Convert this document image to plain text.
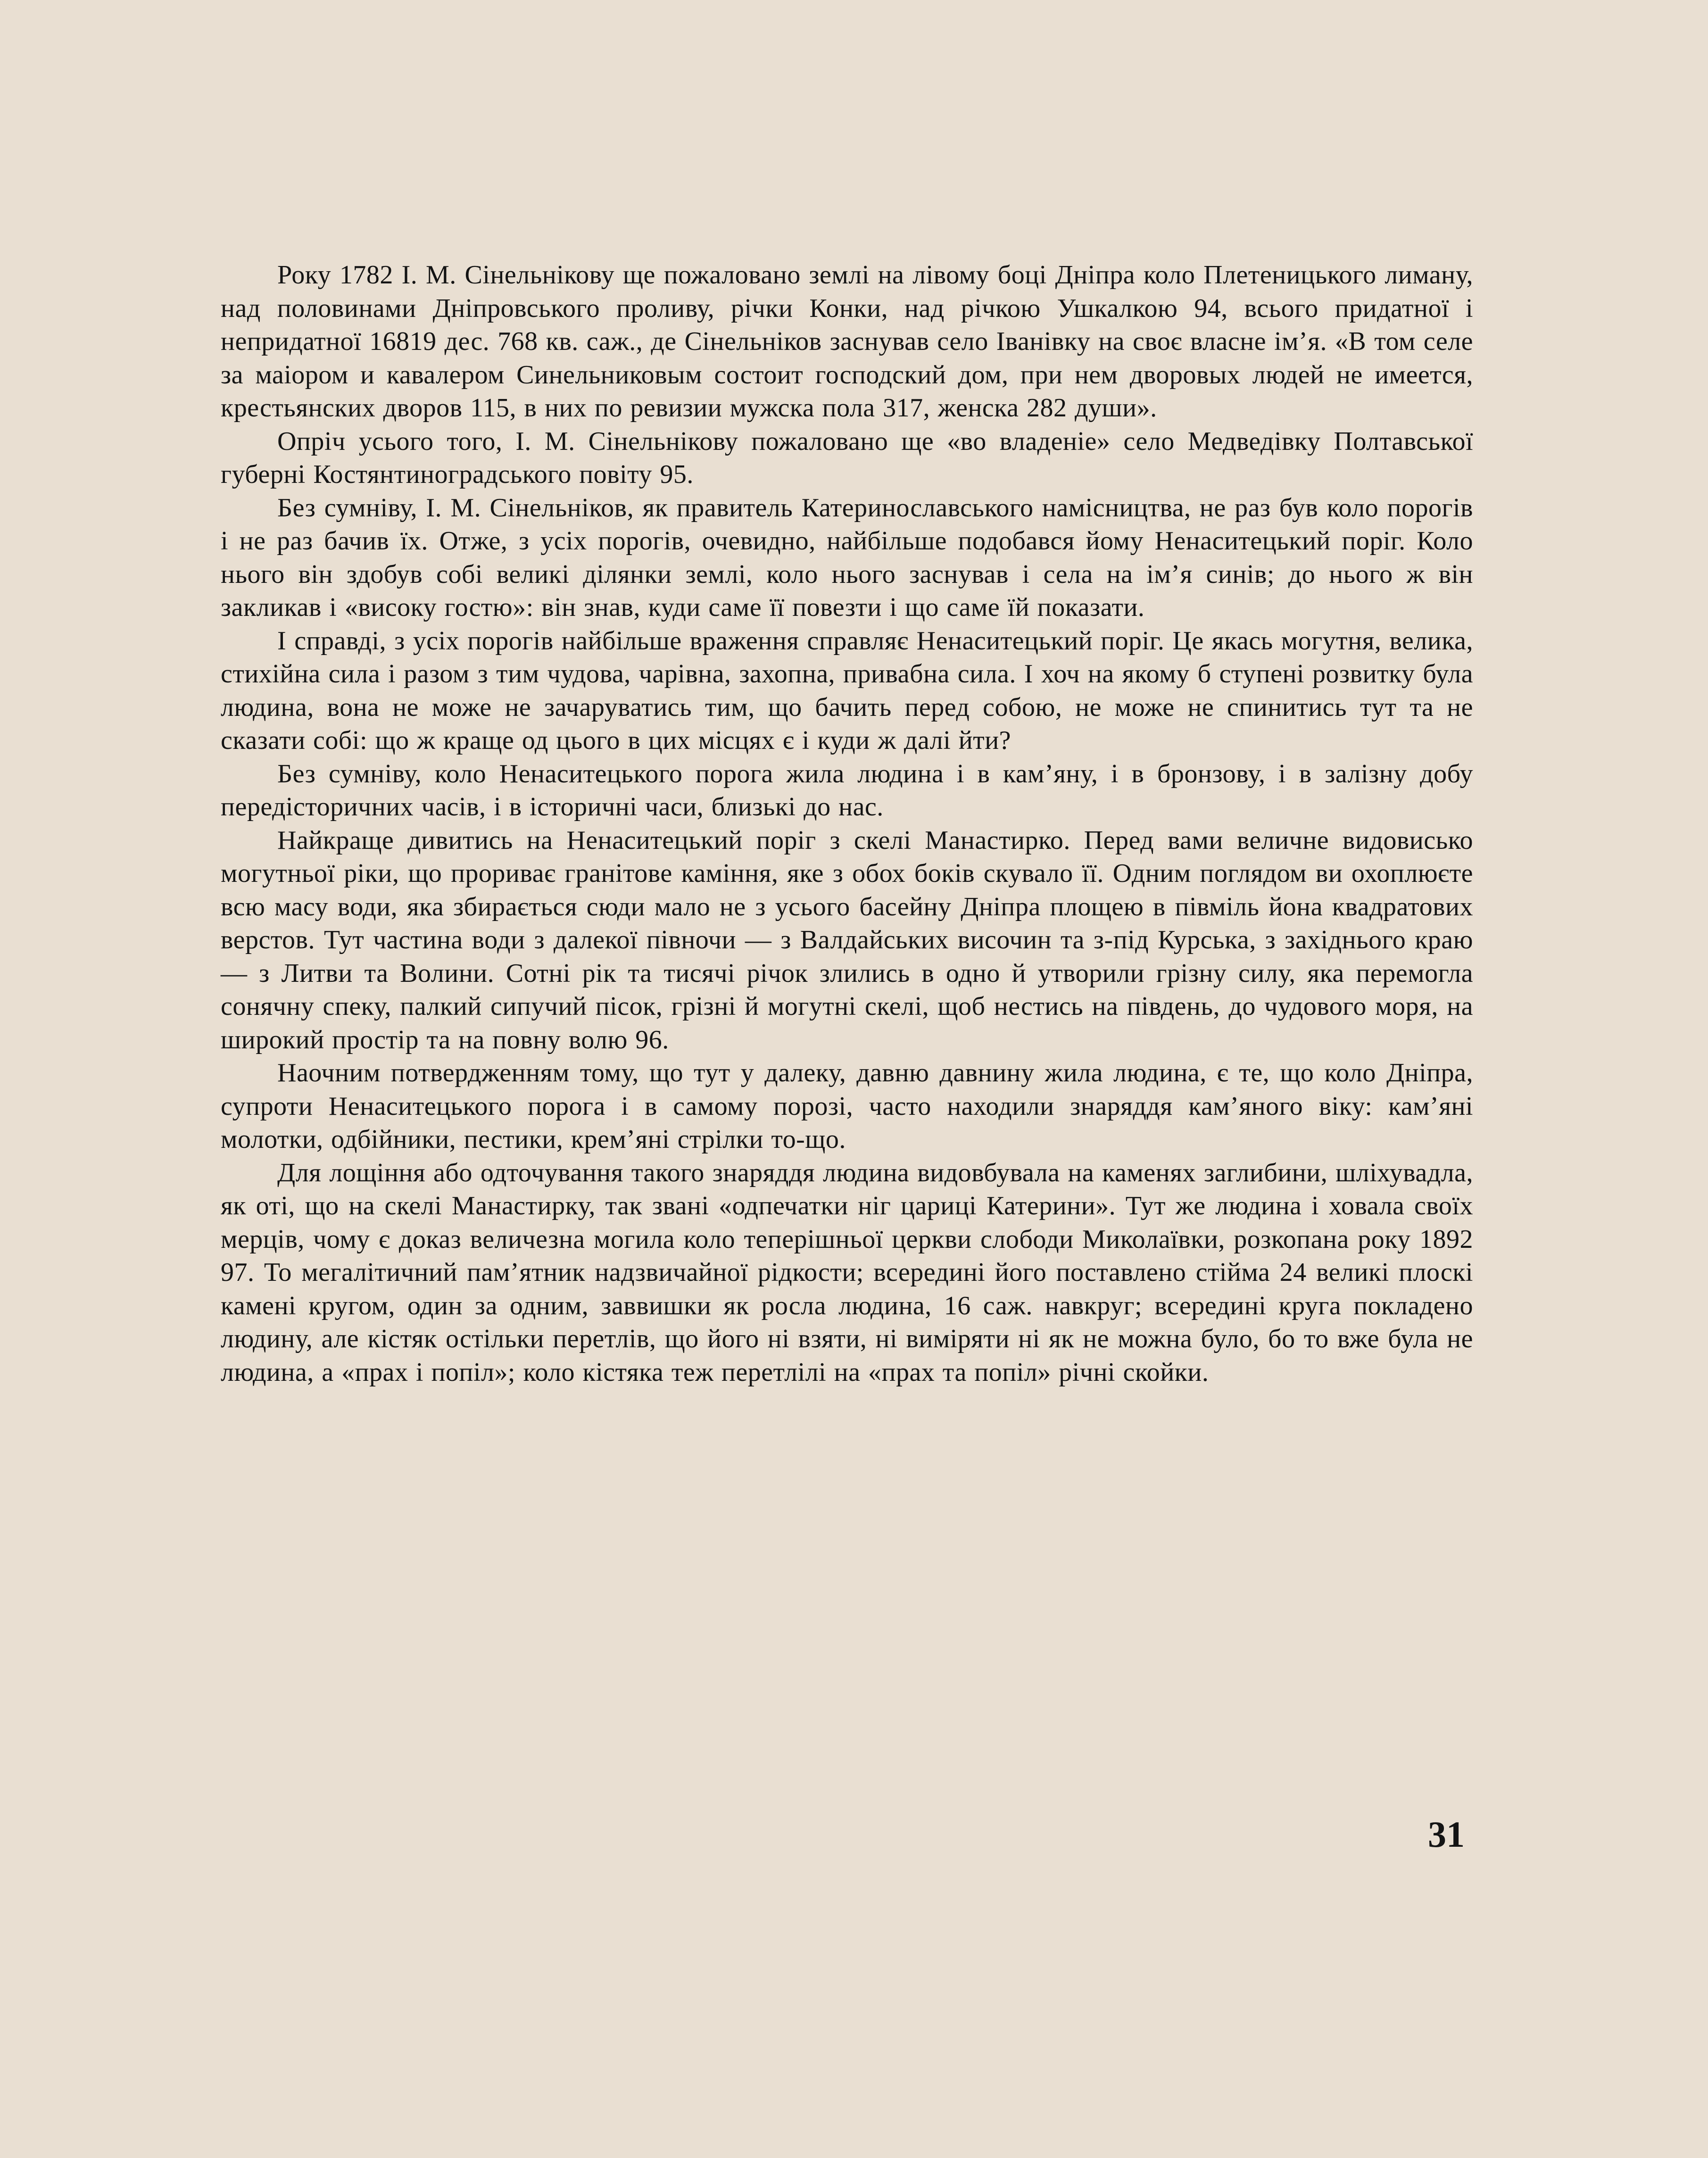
Року 1782 І. М. Сінельнікову ще пожаловано землі на лівому боці Дніпра коло Плетеницького лиману, над половинами Дніпровського проливу, річки Конки, над річкою Ушкалкою 94, всього придатної і непридатної 16819 дес. 768 кв. саж., де Сінельніков заснував село Іванівку на своє власне ім’я. «В том селе за маіором и кавалером Синельниковым состоит господский дом, при нем дворовых людей не имеется, крестьянских дворов 115, в них по ревизии мужска пола 317, женска 282 души».

Опріч усього того, І. М. Сінельнікову пожаловано ще «во владеніе» село Медведівку Полтавської губерні Костянтиноградського повіту 95.

Без сумніву, І. М. Сінельніков, як правитель Катеринославського намісництва, не раз був коло порогів і не раз бачив їх. Отже, з усіх порогів, очевидно, найбільше подобався йому Ненаситецький поріг. Коло нього він здобув собі великі ділянки землі, коло нього заснував і села на ім’я синів; до нього ж він закликав і «високу гостю»: він знав, куди саме її повезти і що саме їй показати.

І справді, з усіх порогів найбільше враження справляє Ненаситецький поріг. Це якась могутня, велика, стихійна сила і разом з тим чудова, чарівна, захопна, привабна сила. І хоч на якому б ступені розвитку була людина, вона не може не зачаруватись тим, що бачить перед собою, не може не спинитись тут та не сказати собі: що ж краще од цього в цих місцях є і куди ж далі йти?

Без сумніву, коло Ненаситецького порога жила людина і в кам’яну, і в бронзову, і в залізну добу передісторичних часів, і в історичні часи, близькі до нас.

Найкраще дивитись на Ненаситецький поріг з скелі Манастирко. Перед вами величне видовисько могутньої ріки, що прориває гранітове каміння, яке з обох боків скувало її. Одним поглядом ви охоплюєте всю масу води, яка збирається сюди мало не з усього басейну Дніпра площею в півміль йона квадратових верстов. Тут частина води з далекої півночи — з Валдайських височин та з-під Курська, з західнього краю — з Литви та Волини. Сотні рік та тисячі річок злились в одно й утворили грізну силу, яка перемогла сонячну спеку, палкий сипучий пісок, грізні й могутні скелі, щоб нестись на південь, до чудового моря, на широкий простір та на повну волю 96.

Наочним потвердженням тому, що тут у далеку, давню давнину жила людина, є те, що коло Дніпра, супроти Ненаситецького порога і в самому порозі, часто находили знаряддя кам’яного віку: кам’яні молотки, одбійники, пестики, крем’яні стрілки то-що.

Для лощіння або одточування такого знаряддя людина видовбувала на каменях заглибини, шліхувадла, як оті, що на скелі Манастирку, так звані «одпечатки ніг цариці Катерини». Тут же людина і ховала своїх мерців, чому є доказ величезна могила коло теперішньої церкви слободи Миколаївки, розкопана року 1892 97. То мегалітичний пам’ятник надзвичайної рідкости; всередині його поставлено стійма 24 великі плоскі камені кругом, один за одним, заввишки як росла людина, 16 саж. навкруг; всередині круга покладено людину, але кістяк остільки перетлів, що його ні взяти, ні виміряти ні як не можна було, бо то вже була не людина, а «прах і попіл»; коло кістяка теж перетлілі на «прах та попіл» річні скойки.

31
